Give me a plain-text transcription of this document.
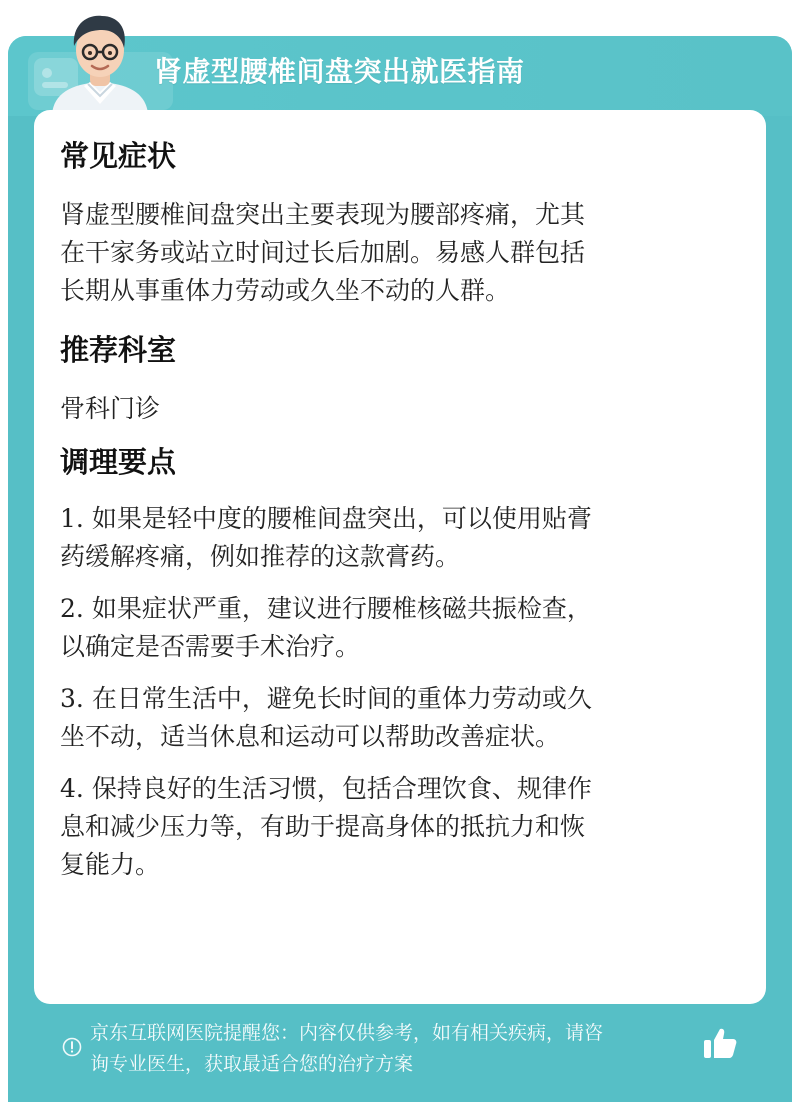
肾虚型腰椎间盘突出就医指南
常见症状

肾虚型腰椎间盘突出主要表现为腰部疼痛，尤其

在干家务或站立时间过长后加剧。易感人群包括

长期从事重体力劳动或久坐不动的人群。

推荐科室

骨科门诊

调理要点

1. 如果是轻中度的腰椎间盘突出，可以使用贴膏

药缓解疼痛，例如推荐的这款膏药。

2. 如果症状严重，建议进行腰椎核磁共振检查，

以确定是否需要手术治疗。

3. 在日常生活中，避免长时间的重体力劳动或久

坐不动，适当休息和运动可以帮助改善症状。

4. 保持良好的生活习惯，包括合理饮食、规律作

息和减少压力等，有助于提高身体的抵抗力和恢

复能力。

京东互联网医院提醒您：内容仅供参考，如有相关疾病，请咨
询专业医生，获取最适合您的治疗方案
